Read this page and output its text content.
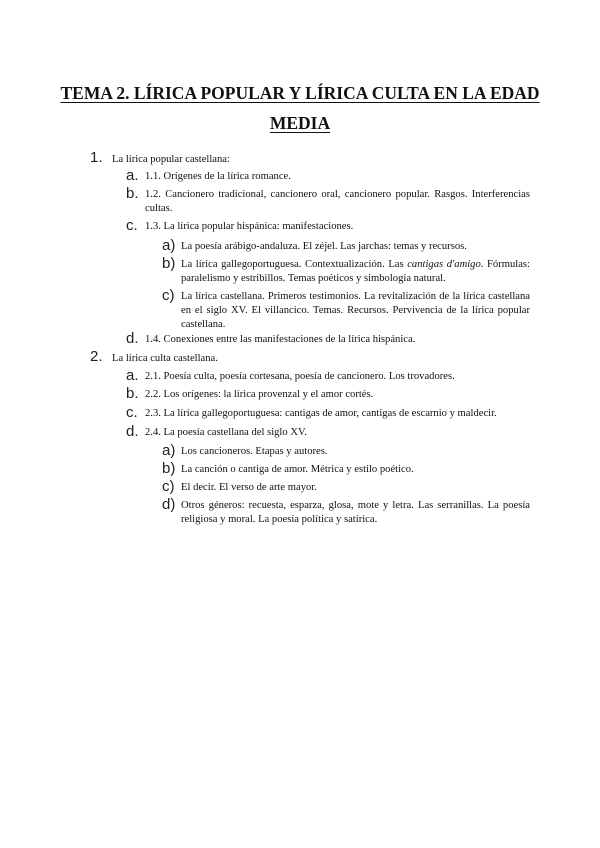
TEMA 2. LÍRICA POPULAR Y LÍRICA CULTA EN LA EDAD MEDIA
1. La lírica popular castellana:
a. 1.1. Orígenes de la lírica romance.
b. 1.2. Cancionero tradicional, cancionero oral, cancionero popular. Rasgos. Interferencias cultas.
c. 1.3. La lírica popular hispánica: manifestaciones.
a) La poesía arábigo-andaluza. El zéjel. Las jarchas: temas y recursos.
b) La lírica gallegoportuguesa. Contextualización. Las cantigas d'amigo. Fórmulas: paralelismo y estribillos. Temas poéticos y simbología natural.
c) La lírica castellana. Primeros testimonios. La revitalización de la lírica castellana en el siglo XV. El villancico. Temas. Recursos. Pervivencia de la lírica popular castellana.
d. 1.4. Conexiones entre las manifestaciones de la lírica hispánica.
2. La lírica culta castellana.
a. 2.1. Poesía culta, poesía cortesana, poesía de cancionero. Los trovadores.
b. 2.2. Los orígenes: la lírica provenzal y el amor cortés.
c. 2.3. La lírica gallegoportuguesa: cantigas de amor, cantigas de escarnio y maldecir.
d. 2.4. La poesía castellana del siglo XV.
a) Los cancioneros. Etapas y autores.
b) La canción o cantiga de amor. Métrica y estilo poético.
c) El decir. El verso de arte mayor.
d) Otros géneros: recuesta, esparza, glosa, mote y letra. Las serranillas. La poesía religiosa y moral. La poesía política y satírica.
